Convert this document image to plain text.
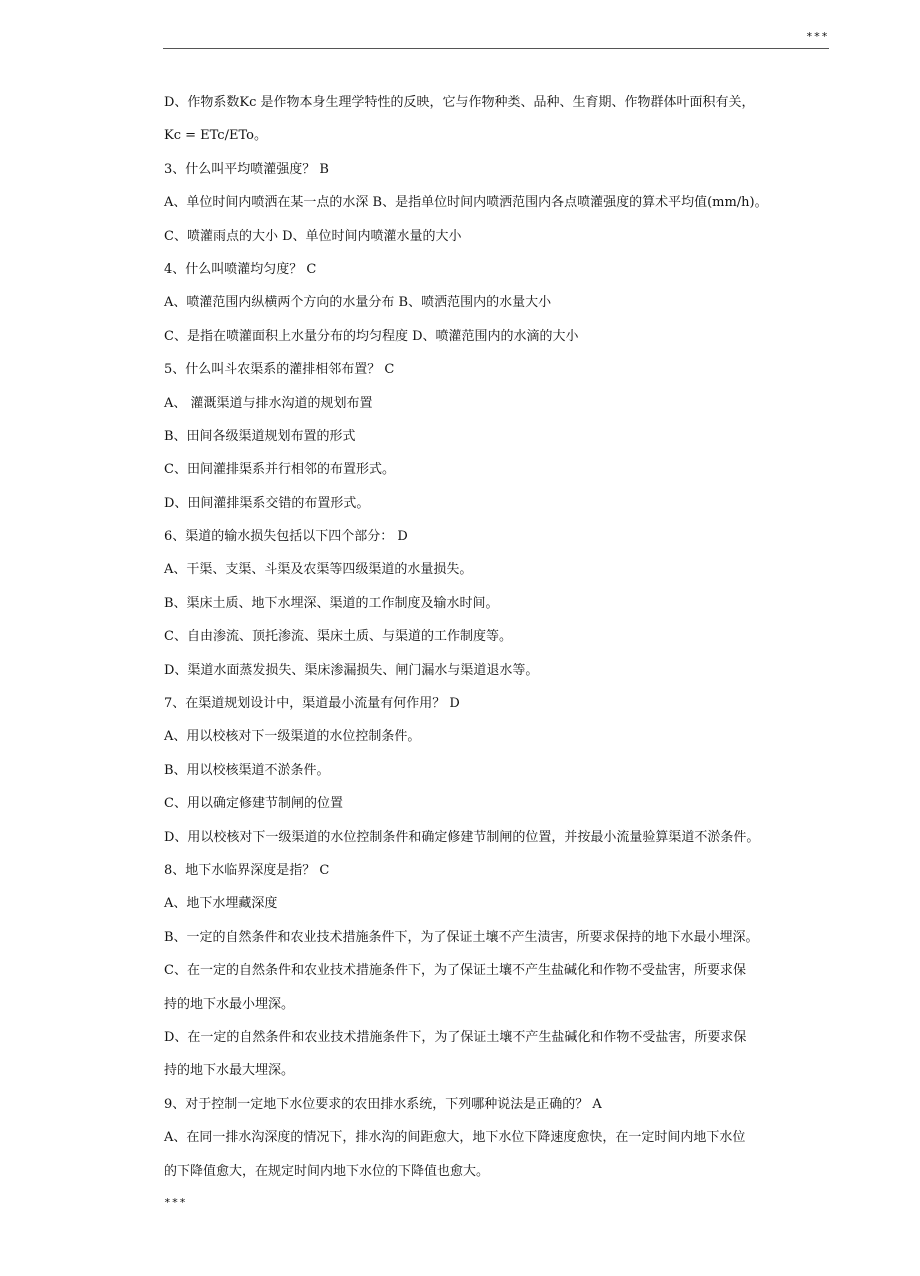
***
D、作物系数Kc 是作物本身生理学特性的反映，它与作物种类、品种、生育期、作物群体叶面积有关，
Kc = ETc/ETo。
3、什么叫平均喷灌强度？ B
A、单位时间内喷洒在某一点的水深 B、是指单位时间内喷洒范围内各点喷灌强度的算术平均值(mm/h)。
C、喷灌雨点的大小 D、单位时间内喷灌水量的大小
4、什么叫喷灌均匀度？ C
A、喷灌范围内纵横两个方向的水量分布 B、喷洒范围内的水量大小
C、是指在喷灌面积上水量分布的均匀程度 D、喷灌范围内的水滴的大小
5、什么叫斗农渠系的灌排相邻布置？ C
A、 灌溉渠道与排水沟道的规划布置
B、田间各级渠道规划布置的形式
C、田间灌排渠系并行相邻的布置形式。
D、田间灌排渠系交错的布置形式。
6、渠道的输水损失包括以下四个部分： D
A、干渠、支渠、斗渠及农渠等四级渠道的水量损失。
B、渠床土质、地下水埋深、渠道的工作制度及输水时间。
C、自由渗流、顶托渗流、渠床土质、与渠道的工作制度等。
D、渠道水面蒸发损失、渠床渗漏损失、闸门漏水与渠道退水等。
7、在渠道规划设计中，渠道最小流量有何作用？ D
A、用以校核对下一级渠道的水位控制条件。
B、用以校核渠道不淤条件。
C、用以确定修建节制闸的位置
D、用以校核对下一级渠道的水位控制条件和确定修建节制闸的位置，并按最小流量验算渠道不淤条件。
8、地下水临界深度是指？ C
A、地下水埋藏深度
B、一定的自然条件和农业技术措施条件下，为了保证土壤不产生渍害，所要求保持的地下水最小埋深。
C、在一定的自然条件和农业技术措施条件下，为了保证土壤不产生盐碱化和作物不受盐害，所要求保
持的地下水最小埋深。
D、在一定的自然条件和农业技术措施条件下，为了保证土壤不产生盐碱化和作物不受盐害，所要求保
持的地下水最大埋深。
9、对于控制一定地下水位要求的农田排水系统，下列哪种说法是正确的？ A
A、在同一排水沟深度的情况下，排水沟的间距愈大，地下水位下降速度愈快，在一定时间内地下水位
的下降值愈大，在规定时间内地下水位的下降值也愈大。
***
